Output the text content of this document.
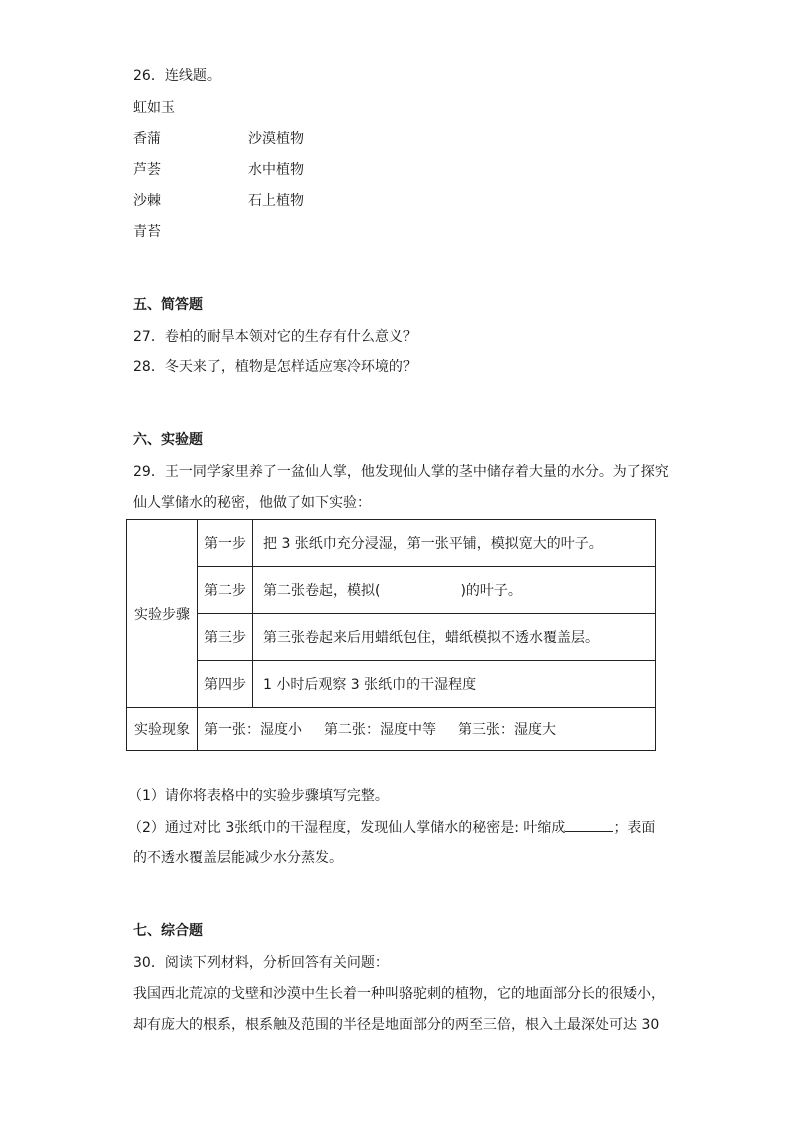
26．连线题。
虹如玉
香蒲	沙漠植物
芦荟	水中植物
沙棘	石上植物
青苔
五、简答题
27．卷柏的耐旱本领对它的生存有什么意义？
28．冬天来了，植物是怎样适应寒冷环境的？
六、实验题
29．王一同学家里养了一盆仙人掌，他发现仙人掌的茎中储存着大量的水分。为了探究
仙人掌储水的秘密，他做了如下实验：
实验步骤	第一步	把 3 张纸巾充分浸湿，第一张平铺，模拟宽大的叶子。
	第二步	第二张卷起，模拟( )的叶子。
	第三步	第三张卷起来后用蜡纸包住，蜡纸模拟不透水覆盖层。
	第四步	1 小时后观察 3 张纸巾的干湿程度
实验现象	第一张：湿度小 第二张：湿度中等 第三张：湿度大	
（1）请你将表格中的实验步骤填写完整。
（2）通过对比 3张纸巾的干湿程度，发现仙人掌储水的秘密是: 叶缩成	；表面
的不透水覆盖层能减少水分蒸发。
七、综合题
30．阅读下列材料，分析回答有关问题：
我国西北荒凉的戈壁和沙漠中生长着一种叫骆驼刺的植物，它的地面部分长的很矮小，
却有庞大的根系，根系触及范围的半径是地面部分的两至三倍，根入土最深处可达 30
